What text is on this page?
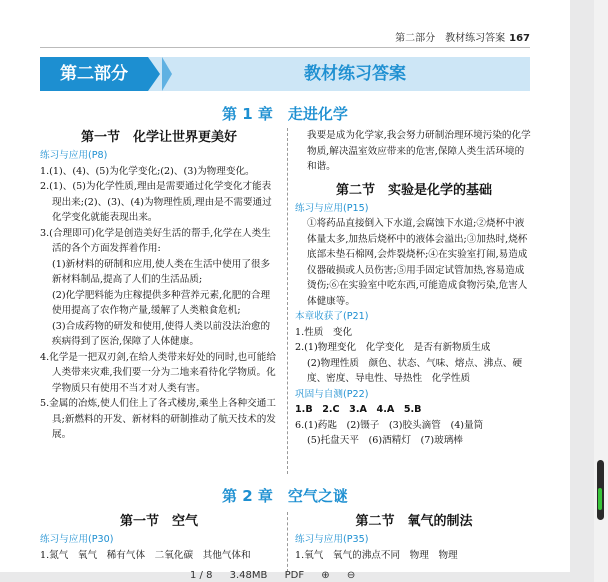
第二部分　教材练习答案 167
第二部分	教材练习答案
第 1 章　走进化学

第一节　化学让世界更美好

练习与应用(P8)

1.(1)、(4)、(5)为化学变化;(2)、(3)为物理变化。

2.(1)、(5)为化学性质,理由是需要通过化学变化才能表现出来;(2)、(3)、(4)为物理性质,理由是不需要通过化学变化就能表现出来。

3.(合理即可)化学是创造美好生活的帮手,化学在人类生活的各个方面发挥着作用:

(1)新材料的研制和应用,使人类在生活中使用了很多新材料制品,提高了人们的生活品质;

(2)化学肥料能为庄稼提供多种营养元素,化肥的合理使用提高了农作物产量,缓解了人类粮食危机;

(3)合成药物的研发和使用,使得人类以前没法治愈的疾病得到了医治,保障了人体健康。

4.化学是一把双刃剑,在给人类带来好处的同时,也可能给人类带来灾难,我们要一分为二地来看待化学物质。化学物质只有使用不当才对人类有害。

5.金属的冶炼,使人们住上了各式楼房,乘坐上各种交通工具;新燃料的开发、新材料的研制推动了航天技术的发展。

我要是成为化学家,我会努力研制治理环境污染的化学物质,解决温室效应带来的危害,保障人类生活环境的和谐。

第二节　实验是化学的基础

练习与应用(P15)

①将药品直接倒入下水道,会腐蚀下水道;②烧杯中液体量太多,加热后烧杯中的液体会溢出;③加热时,烧杯底部未垫石棉网,会炸裂烧杯;④在实验室打闹,易造成仪器破损或人员伤害;⑤用手固定试管加热,容易造成烫伤;⑥在实验室中吃东西,可能造成食物污染,危害人体健康等。

本章收获了(P21)

1.性质　变化

2.(1)物理变化　化学变化　是否有新物质生成

(2)物理性质　颜色、状态、气味、熔点、沸点、硬度、密度、导电性、导热性　化学性质

巩固与自测(P22)

1.B　2.C　3.A　4.A　5.B

6.(1)药匙　(2)镊子　(3)胶头滴管　(4)量筒

(5)托盘天平　(6)酒精灯　(7)玻璃棒

第 2 章　空气之谜

第一节　空气

练习与应用(P30)

1.氮气　氧气　稀有气体　二氧化碳　其他气体和

第二节　氧气的制法

练习与应用(P35)

1.氧气　氧气的沸点不同　物理　物理

1 / 8 3.48MB PDF ⊕ ⊖
